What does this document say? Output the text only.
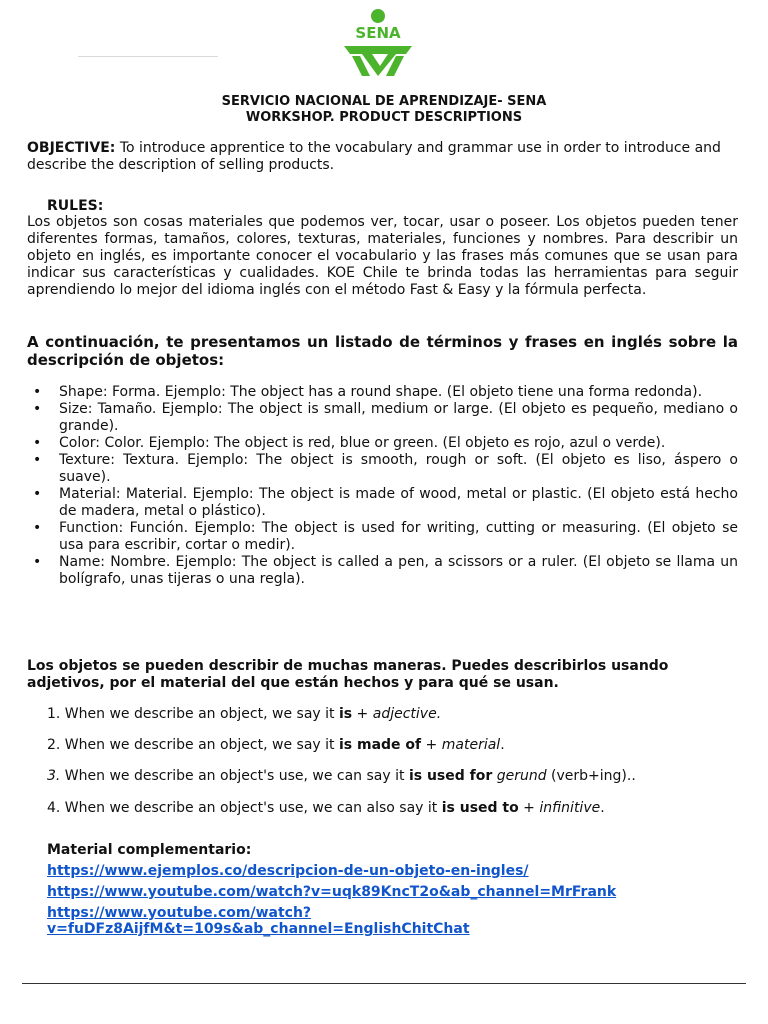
SENA
SERVICIO NACIONAL DE APRENDIZAJE- SENA
WORKSHOP. PRODUCT DESCRIPTIONS
OBJECTIVE: To introduce apprentice to the vocabulary and grammar use in order to introduce and describe the description of selling products.
RULES:
Los objetos son cosas materiales que podemos ver, tocar, usar o poseer. Los objetos pueden tener diferentes formas, tamaños, colores, texturas, materiales, funciones y nombres. Para describir un objeto en inglés, es importante conocer el vocabulario y las frases más comunes que se usan para indicar sus características y cualidades. KOE Chile te brinda todas las herramientas para seguir aprendiendo lo mejor del idioma inglés con el método Fast & Easy y la fórmula perfecta.
A continuación, te presentamos un listado de términos y frases en inglés sobre la descripción de objetos:
• Shape: Forma. Ejemplo: The object has a round shape. (El objeto tiene una forma redonda).
• Size: Tamaño. Ejemplo: The object is small, medium or large. (El objeto es pequeño, mediano o grande).
• Color: Color. Ejemplo: The object is red, blue or green. (El objeto es rojo, azul o verde).
• Texture: Textura. Ejemplo: The object is smooth, rough or soft. (El objeto es liso, áspero o suave).
• Material: Material. Ejemplo: The object is made of wood, metal or plastic. (El objeto está hecho de madera, metal o plástico).
• Function: Función. Ejemplo: The object is used for writing, cutting or measuring. (El objeto se usa para escribir, cortar o medir).
• Name: Nombre. Ejemplo: The object is called a pen, a scissors or a ruler. (El objeto se llama un bolígrafo, unas tijeras o una regla).
Los objetos se pueden describir de muchas maneras. Puedes describirlos usando adjetivos, por el material del que están hechos y para qué se usan.
1. When we describe an object, we say it is + adjective.
2. When we describe an object, we say it is made of + material.
3. When we describe an object's use, we can say it is used for gerund (verb+ing)..
4. When we describe an object's use, we can also say it is used to + infinitive.
Material complementario:
https://www.ejemplos.co/descripcion-de-un-objeto-en-ingles/
https://www.youtube.com/watch?v=uqk89KncT2o&ab_channel=MrFrank
https://www.youtube.com/watch?
v=fuDFz8AijfM&t=109s&ab_channel=EnglishChitChat
